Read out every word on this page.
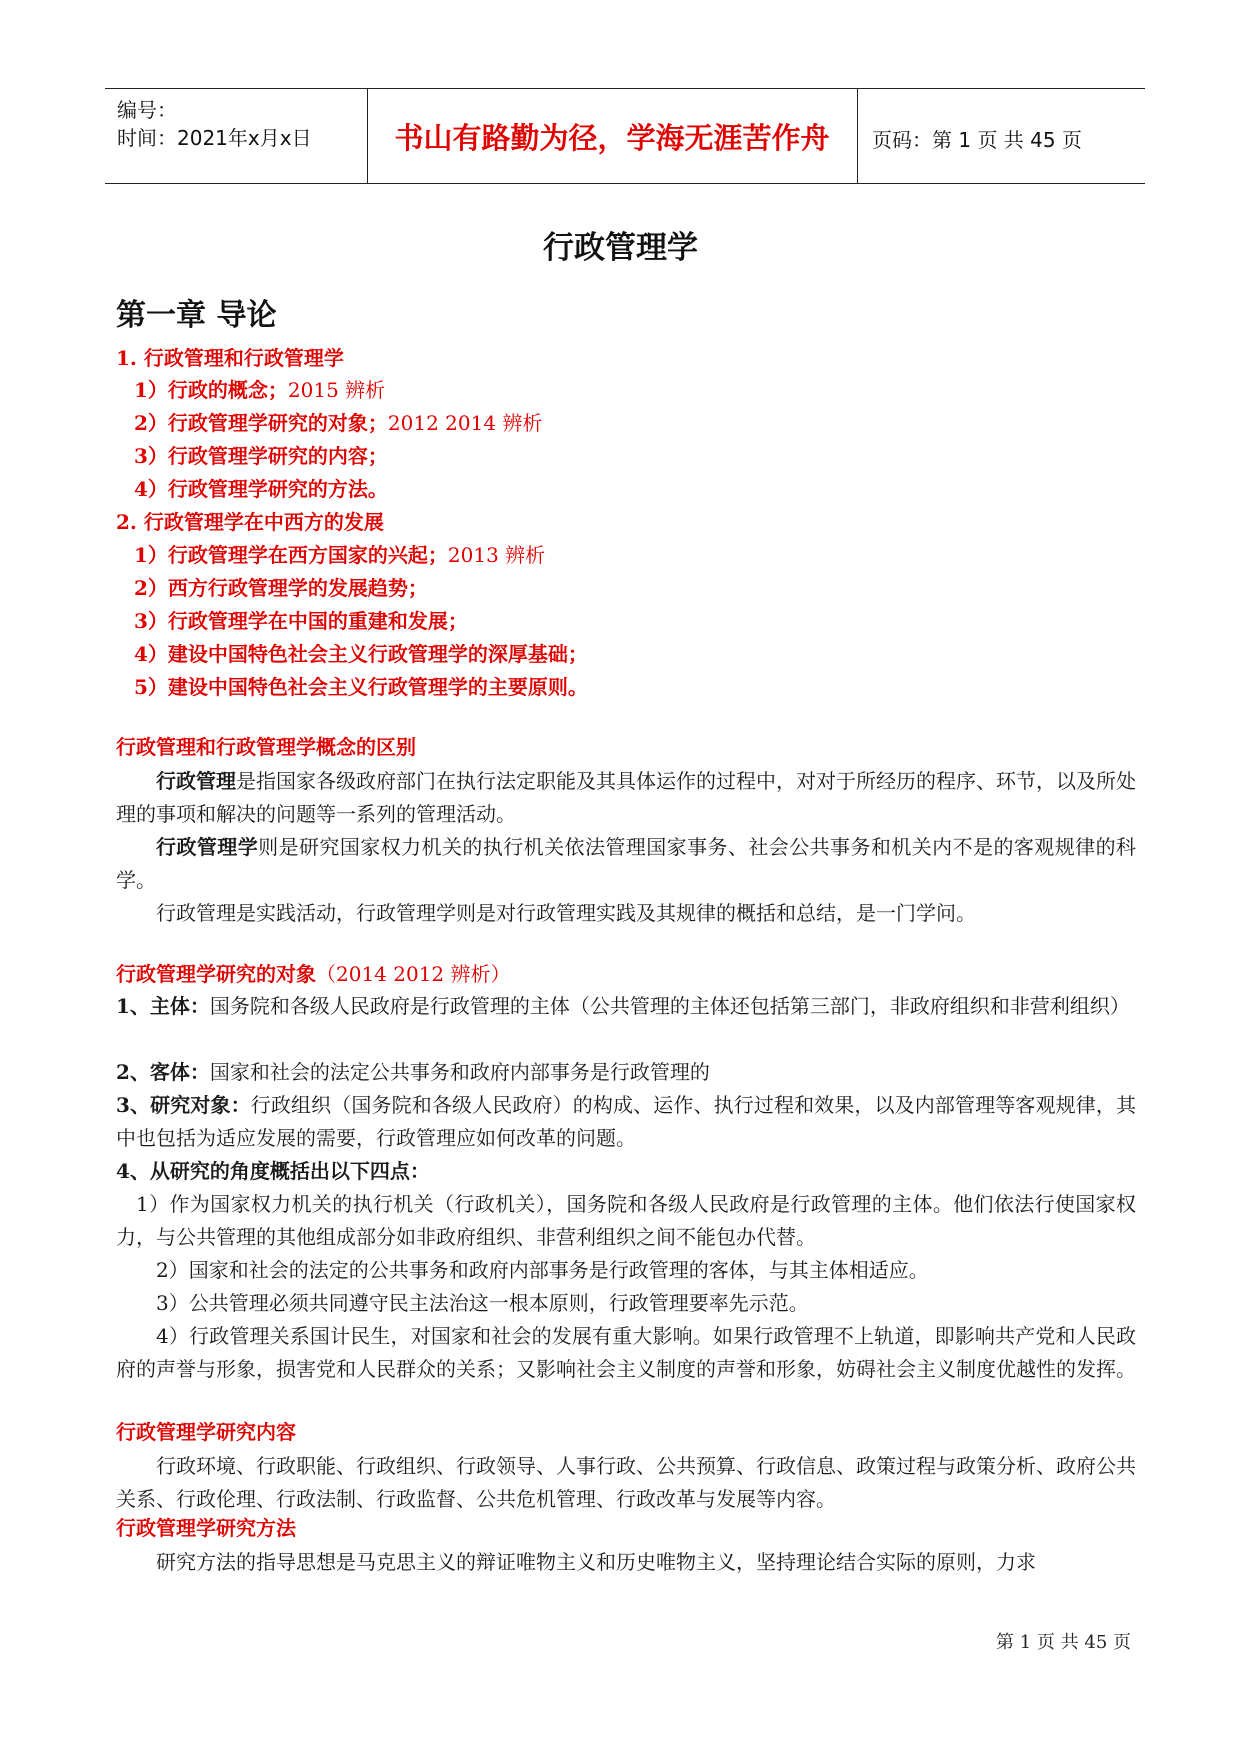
编号：
时间：2021年x月x日	书山有路勤为径，学海无涯苦作舟	页码：第 1 页 共 45 页
行政管理学
第一章 导论
1. 行政管理和行政管理学
1）行政的概念；2015 辨析
2）行政管理学研究的对象；2012 2014 辨析
3）行政管理学研究的内容；
4）行政管理学研究的方法。
2. 行政管理学在中西方的发展
1）行政管理学在西方国家的兴起；2013 辨析
2）西方行政管理学的发展趋势；
3）行政管理学在中国的重建和发展；
4）建设中国特色社会主义行政管理学的深厚基础；
5）建设中国特色社会主义行政管理学的主要原则。
行政管理和行政管理学概念的区别
行政管理是指国家各级政府部门在执行法定职能及其具体运作的过程中，对对于所经历的程序、环节，以及所处理的事项和解决的问题等一系列的管理活动。
行政管理学则是研究国家权力机关的执行机关依法管理国家事务、社会公共事务和机关内不是的客观规律的科学。
行政管理是实践活动，行政管理学则是对行政管理实践及其规律的概括和总结，是一门学问。
行政管理学研究的对象（2014 2012 辨析）
1、主体：国务院和各级人民政府是行政管理的主体（公共管理的主体还包括第三部门，非政府组织和非营利组织）
2、客体：国家和社会的法定公共事务和政府内部事务是行政管理的
3、研究对象：行政组织（国务院和各级人民政府）的构成、运作、执行过程和效果，以及内部管理等客观规律，其中也包括为适应发展的需要，行政管理应如何改革的问题。
4、从研究的角度概括出以下四点：
1）作为国家权力机关的执行机关（行政机关），国务院和各级人民政府是行政管理的主体。他们依法行使国家权力，与公共管理的其他组成部分如非政府组织、非营利组织之间不能包办代替。
2）国家和社会的法定的公共事务和政府内部事务是行政管理的客体，与其主体相适应。
3）公共管理必须共同遵守民主法治这一根本原则，行政管理要率先示范。
4）行政管理关系国计民生，对国家和社会的发展有重大影响。如果行政管理不上轨道，即影响共产党和人民政府的声誉与形象，损害党和人民群众的关系；又影响社会主义制度的声誉和形象，妨碍社会主义制度优越性的发挥。
行政管理学研究内容
行政环境、行政职能、行政组织、行政领导、人事行政、公共预算、行政信息、政策过程与政策分析、政府公共关系、行政伦理、行政法制、行政监督、公共危机管理、行政改革与发展等内容。
行政管理学研究方法
研究方法的指导思想是马克思主义的辩证唯物主义和历史唯物主义，坚持理论结合实际的原则，力求
第 1 页 共 45 页
